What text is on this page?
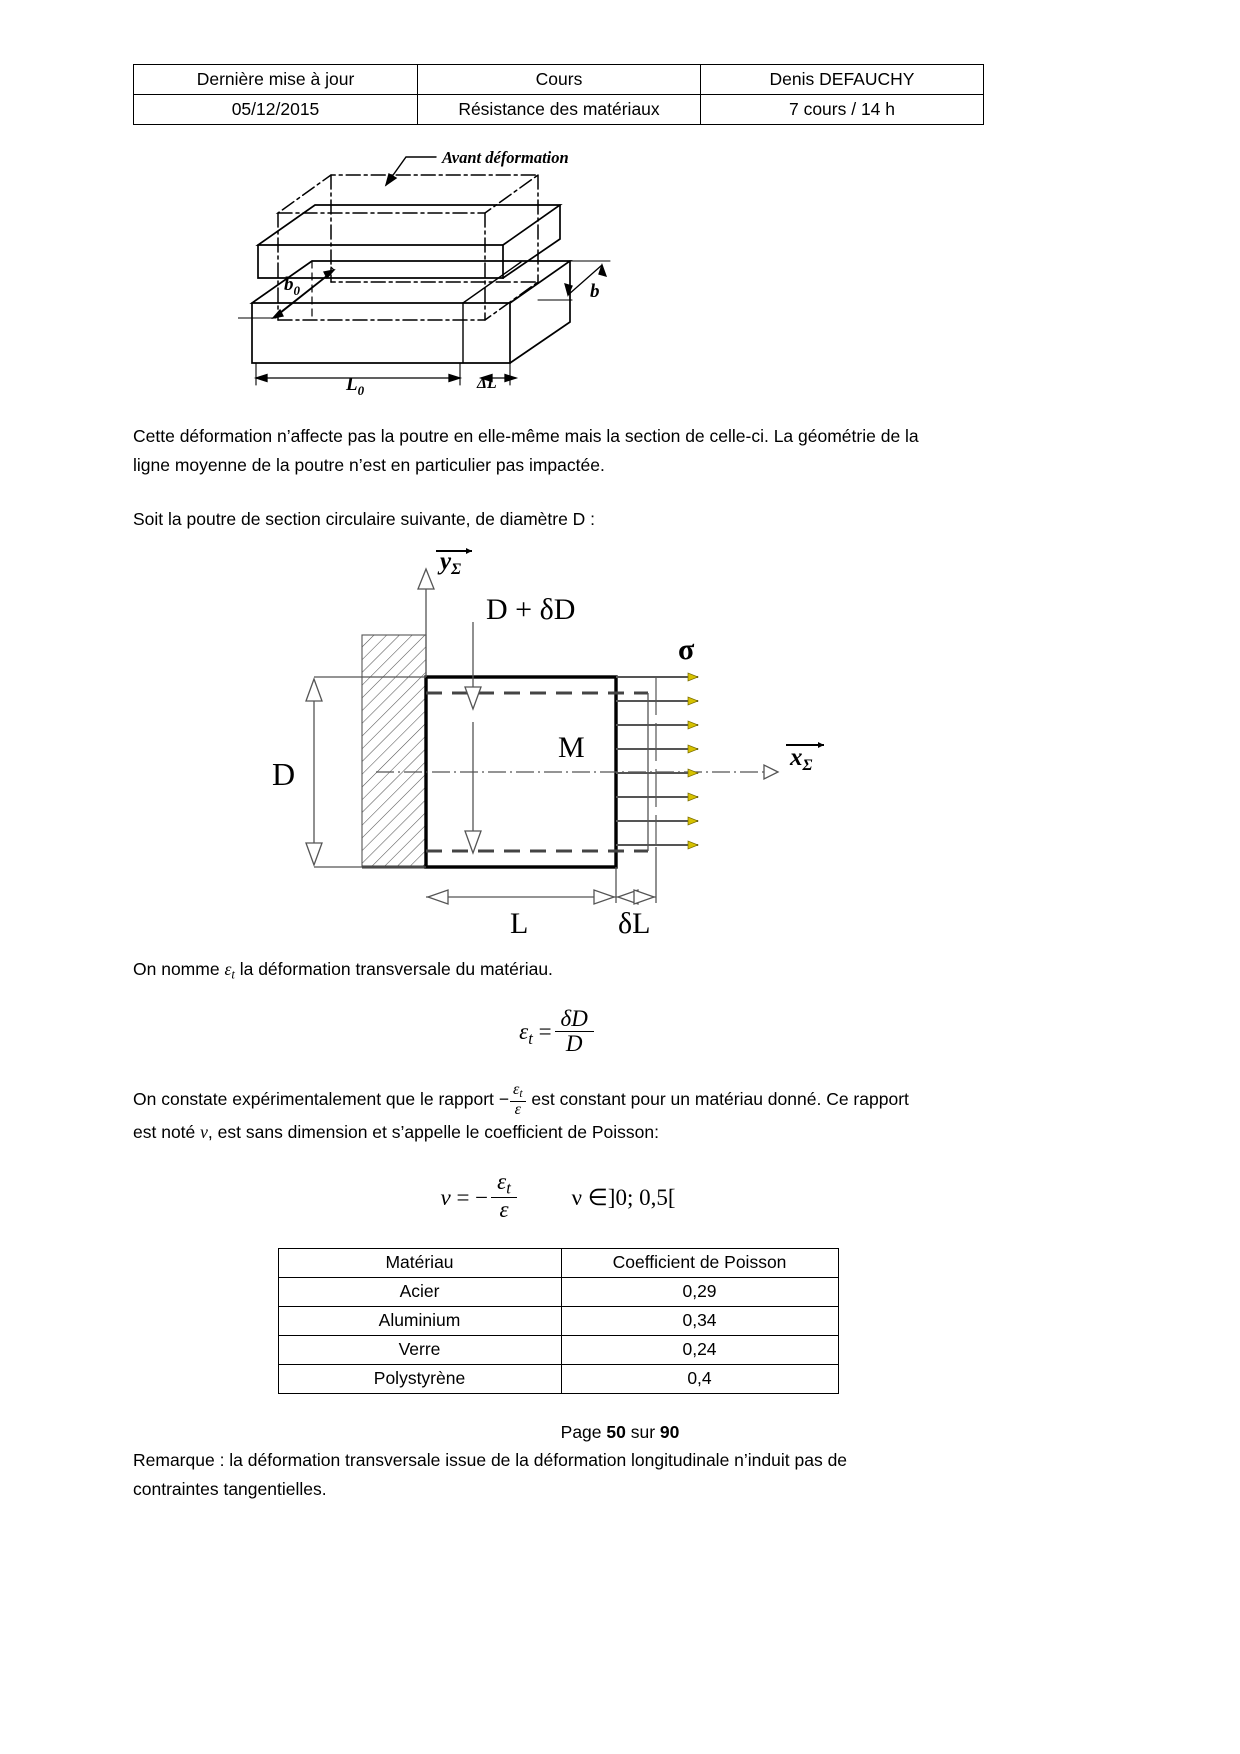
Dernière mise à jour	Cours	Denis DEFAUCHY
05/12/2015	Résistance des matériaux	7 cours / 14 h
$b_0$	b
$L_0$	ΔL
Avant déformation

Cette déformation n’affecte pas la poutre en elle-même mais la section de celle-ci. La géométrie de la

ligne moyenne de la poutre n’est en particulier pas impactée.

Soit la poutre de section circulaire suivante, de diamètre D :

$y_\Sigma$
$x_\Sigma$
D + δD
D
M
σ
L	δL

On nomme $\varepsilon_t$ la déformation transversale du matériau.

$\varepsilon_t = \frac{\delta D}{D}$

On constate expérimentalement que le rapport − $\frac{\varepsilon_t}{\varepsilon}$ est constant pour un matériau donné. Ce rapport

est noté ν, est sans dimension et s’appelle le coefficient de Poisson:

ν = − $\frac{\varepsilon_t}{\varepsilon}$ ν ∈]0; 0,5[
Matériau	Coefficient de Poisson
Acier	0,29
Aluminium	0,34
Verre	0,24
Polystyrène	0,4

Remarque : la déformation transversale issue de la déformation longitudinale n’induit pas de

contraintes tangentielles.

Page 50 sur 90
